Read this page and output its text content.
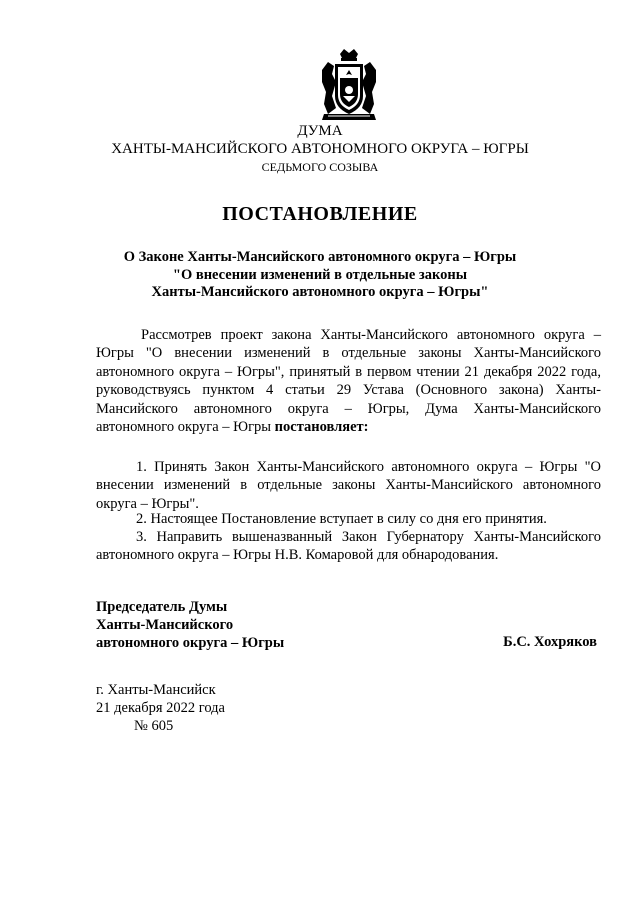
ДУМА
ХАНТЫ-МАНСИЙСКОГО АВТОНОМНОГО ОКРУГА – ЮГРЫ
СЕДЬМОГО СОЗЫВА
ПОСТАНОВЛЕНИЕ
О Законе Ханты-Мансийского автономного округа – Югры
"О внесении изменений в отдельные законы
Ханты-Мансийского автономного округа – Югры"
Рассмотрев проект закона Ханты-Мансийского автономного округа – Югры "О внесении изменений в отдельные законы Ханты-Мансийского автономного округа – Югры", принятый в первом чтении 21 декабря 2022 года, руководствуясь пунктом 4 статьи 29 Устава (Основного закона) Ханты-Мансийского автономного округа – Югры, Дума Ханты-Мансийского автономного округа – Югры постановляет:
1. Принять Закон Ханты-Мансийского автономного округа – Югры "О внесении изменений в отдельные законы Ханты-Мансийского автономного округа – Югры".
2. Настоящее Постановление вступает в силу со дня его принятия.
3. Направить вышеназванный Закон Губернатору Ханты-Мансийского автономного округа – Югры Н.В. Комаровой для обнародования.
Председатель Думы
Ханты-Мансийского
автономного округа – Югры	Б.С. Хохряков
г. Ханты-Мансийск
21 декабря 2022 года
№ 605
